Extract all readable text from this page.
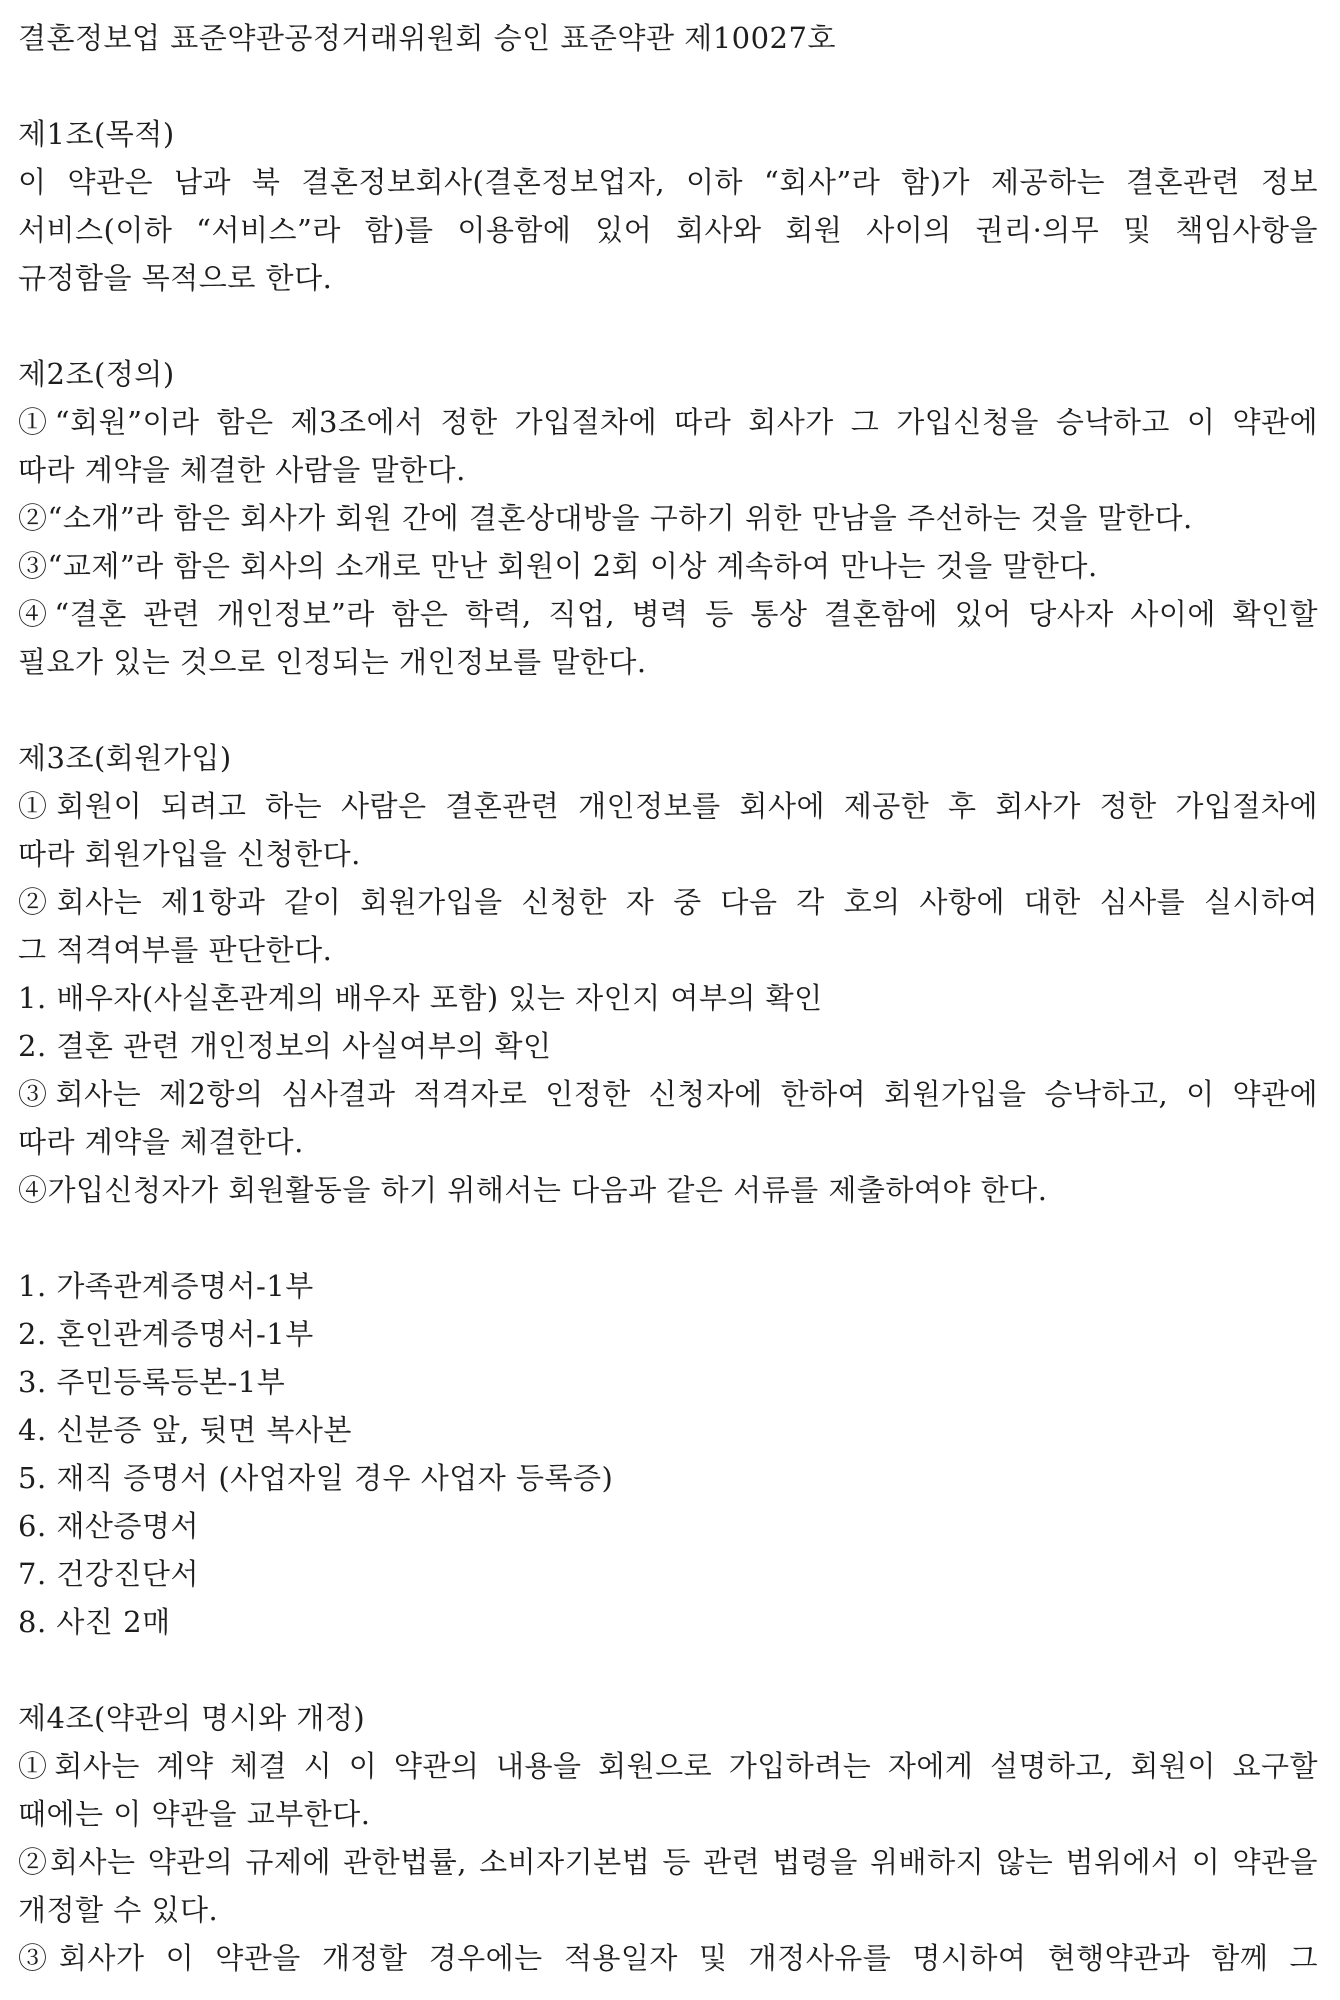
결혼정보업 표준약관공정거래위원회 승인 표준약관 제10027호
제1조(목적)
이 약관은 남과 북 결혼정보회사(결혼정보업자, 이하 “회사”라 함)가 제공하는 결혼관련 정보
서비스(이하 “서비스”라 함)를 이용함에 있어 회사와 회원 사이의 권리·의무 및 책임사항을
규정함을 목적으로 한다.
제2조(정의)
①“회원”이라 함은 제3조에서 정한 가입절차에 따라 회사가 그 가입신청을 승낙하고 이 약관에
따라 계약을 체결한 사람을 말한다.
②“소개”라 함은 회사가 회원 간에 결혼상대방을 구하기 위한 만남을 주선하는 것을 말한다.
③“교제”라 함은 회사의 소개로 만난 회원이 2회 이상 계속하여 만나는 것을 말한다.
④“결혼 관련 개인정보”라 함은 학력, 직업, 병력 등 통상 결혼함에 있어 당사자 사이에 확인할
필요가 있는 것으로 인정되는 개인정보를 말한다.
제3조(회원가입)
①회원이 되려고 하는 사람은 결혼관련 개인정보를 회사에 제공한 후 회사가 정한 가입절차에
따라 회원가입을 신청한다.
②회사는 제1항과 같이 회원가입을 신청한 자 중 다음 각 호의 사항에 대한 심사를 실시하여
그 적격여부를 판단한다.
1. 배우자(사실혼관계의 배우자 포함) 있는 자인지 여부의 확인
2. 결혼 관련 개인정보의 사실여부의 확인
③회사는 제2항의 심사결과 적격자로 인정한 신청자에 한하여 회원가입을 승낙하고, 이 약관에
따라 계약을 체결한다.
④가입신청자가 회원활동을 하기 위해서는 다음과 같은 서류를 제출하여야 한다.
1. 가족관계증명서-1부
2. 혼인관계증명서-1부
3. 주민등록등본-1부
4. 신분증 앞, 뒷면 복사본
5. 재직 증명서 (사업자일 경우 사업자 등록증)
6. 재산증명서
7. 건강진단서
8. 사진 2매
제4조(약관의 명시와 개정)
①회사는 계약 체결 시 이 약관의 내용을 회원으로 가입하려는 자에게 설명하고, 회원이 요구할
때에는 이 약관을 교부한다.
②회사는 약관의 규제에 관한법률, 소비자기본법 등 관련 법령을 위배하지 않는 범위에서 이 약관을
개정할 수 있다.
③회사가 이 약관을 개정할 경우에는 적용일자 및 개정사유를 명시하여 현행약관과 함께 그
